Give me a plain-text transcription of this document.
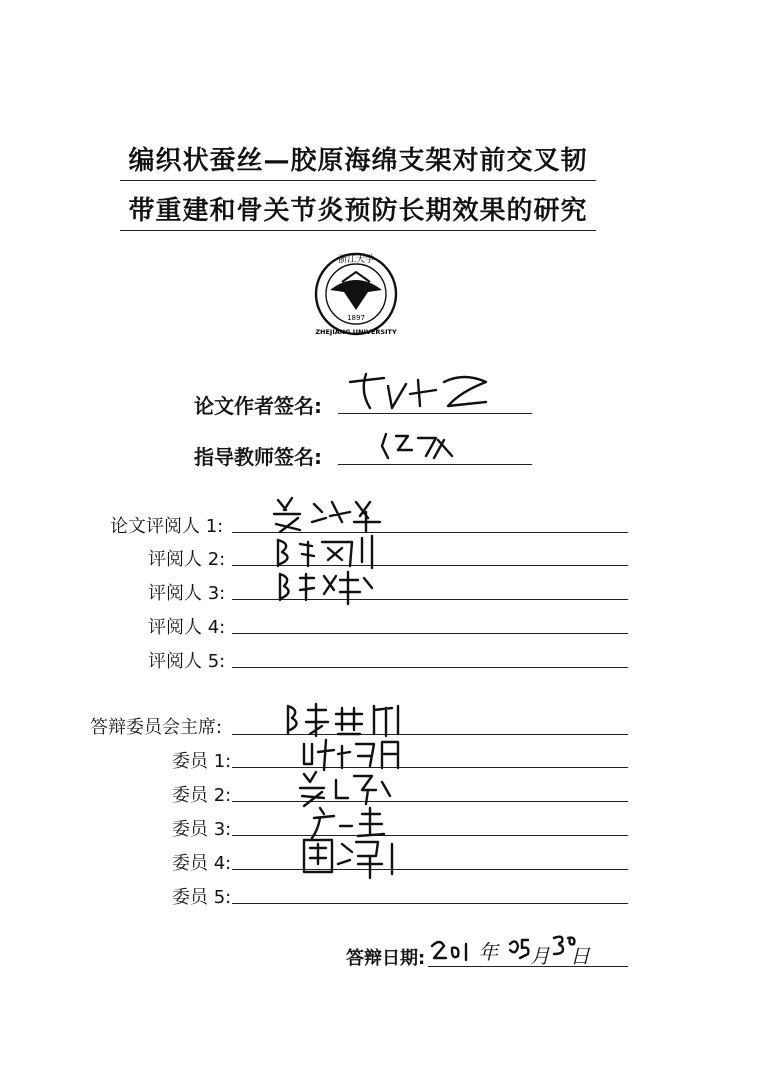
编织状蚕丝—胶原海绵支架对前交叉韧
带重建和骨关节炎预防长期效果的研究
浙江大学
1897
ZHEJIANG UNIVERSITY
论文作者签名:
指导教师签名:
论文评阅人 1:
评阅人 2:
评阅人 3:
评阅人 4:
评阅人 5:
答辩委员会主席:
委员 1:
委员 2:
委员 3:
委员 4:
委员 5:
答辩日期:	年 月 日
